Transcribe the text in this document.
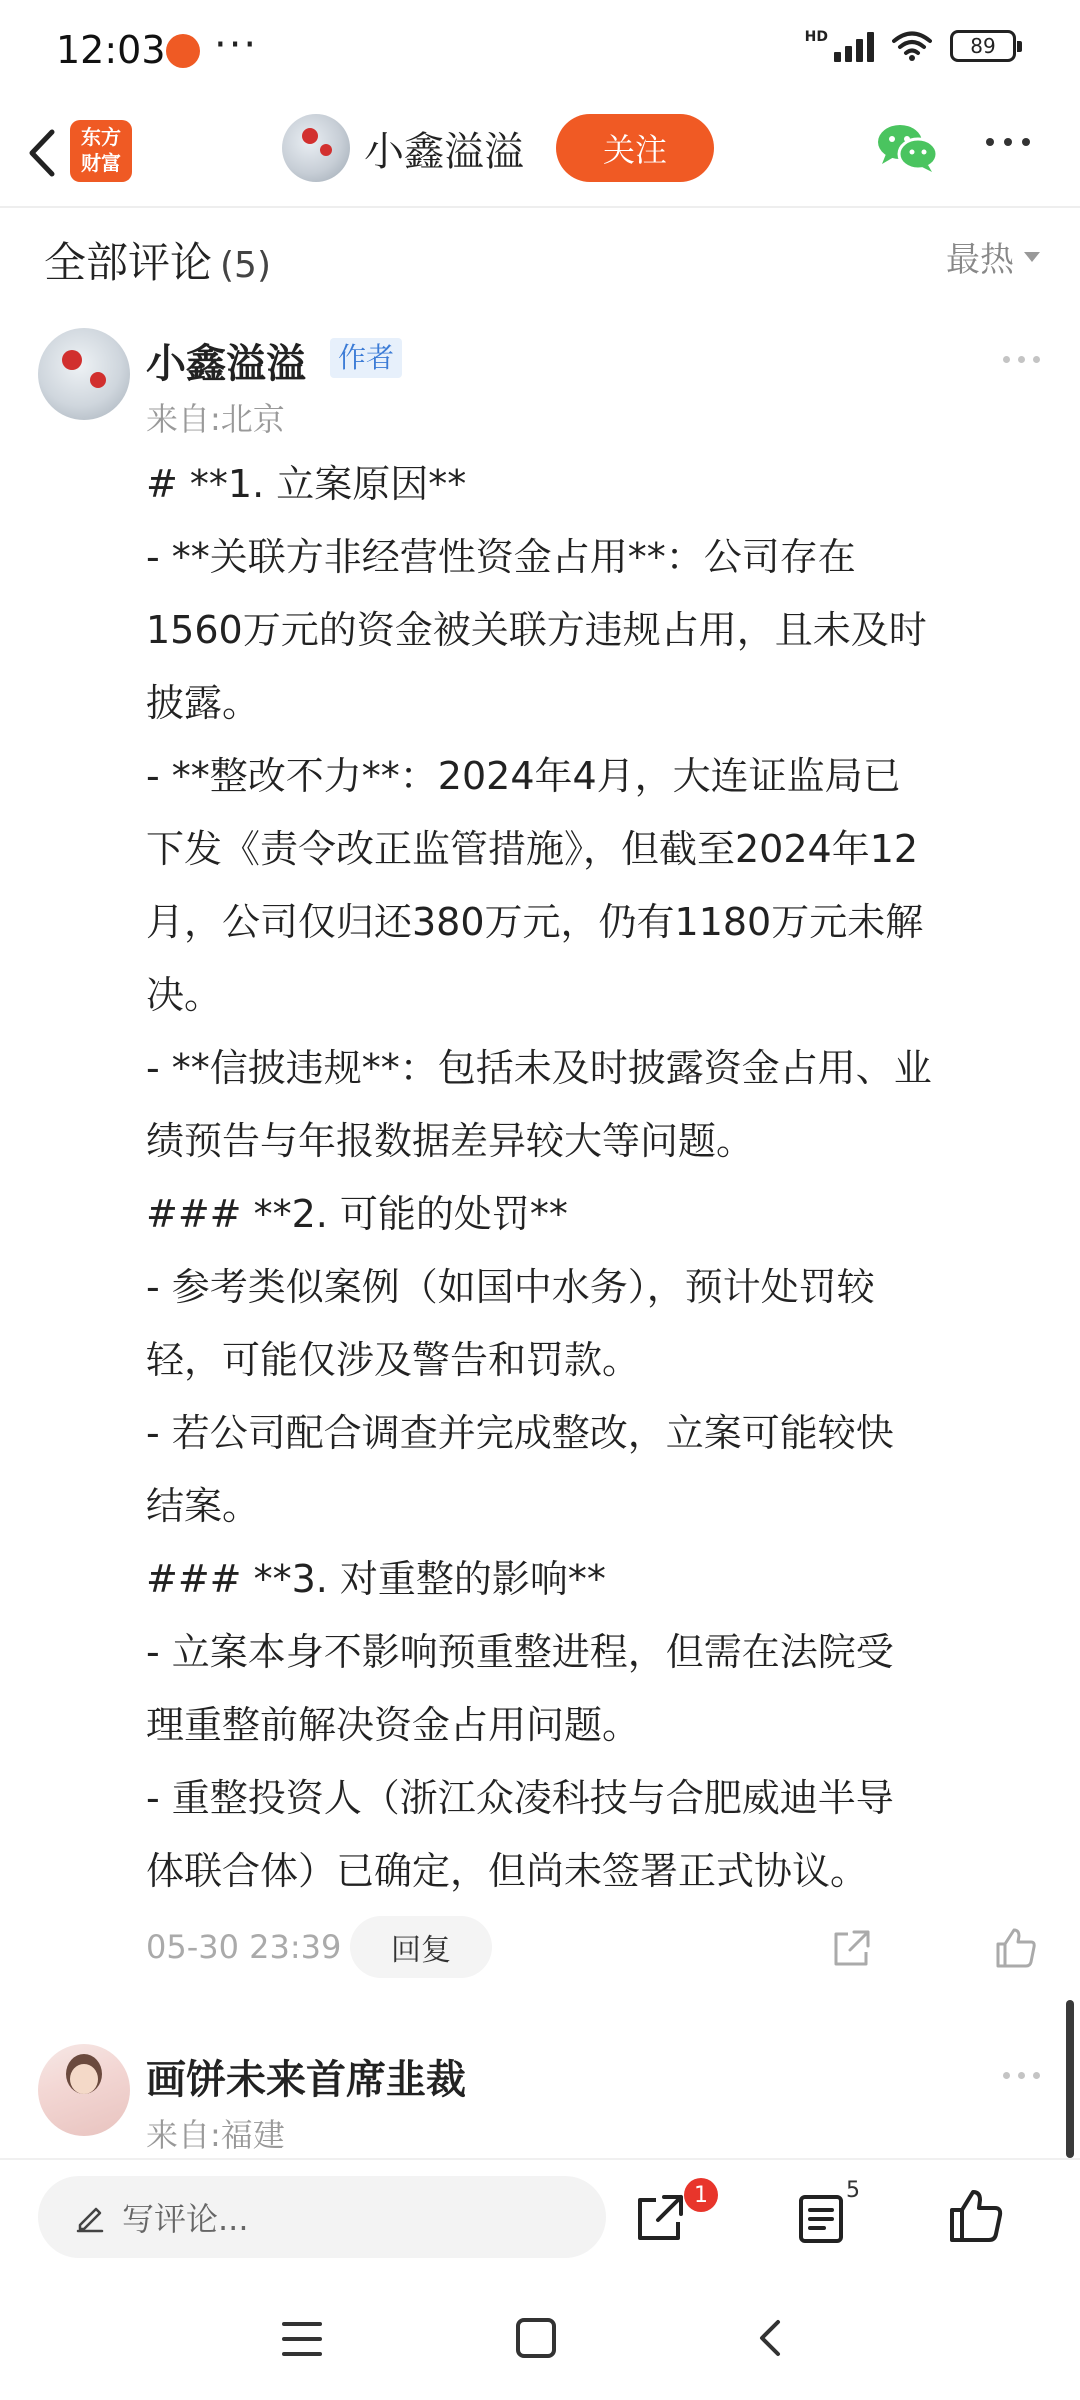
12:03 ···	HD	89
东方
财富	小鑫溢溢	关注
全部评论 (5)	最热
小鑫溢溢 作者
来自:北京

# **1. 立案原因**

- **关联方非经营性资金占用**：公司存在

1560万元的资金被关联方违规占用，且未及时

披露。

- **整改不力**：2024年4月，大连证监局已

下发《责令改正监管措施》，但截至2024年12

月，公司仅归还380万元，仍有1180万元未解

决。

- **信披违规**：包括未及时披露资金占用、业

绩预告与年报数据差异较大等问题。

### **2. 可能的处罚**

- 参考类似案例（如国中水务），预计处罚较

轻，可能仅涉及警告和罚款。

- 若公司配合调查并完成整改，立案可能较快

结案。

### **3. 对重整的影响**

- 立案本身不影响预重整进程，但需在法院受

理重整前解决资金占用问题。

- 重整投资人（浙江众凌科技与合肥威迪半导

体联合体）已确定，但尚未签署正式协议。

05-30 23:39	回复
画饼未来首席韭裁
来自:福建
写评论...
1	5
